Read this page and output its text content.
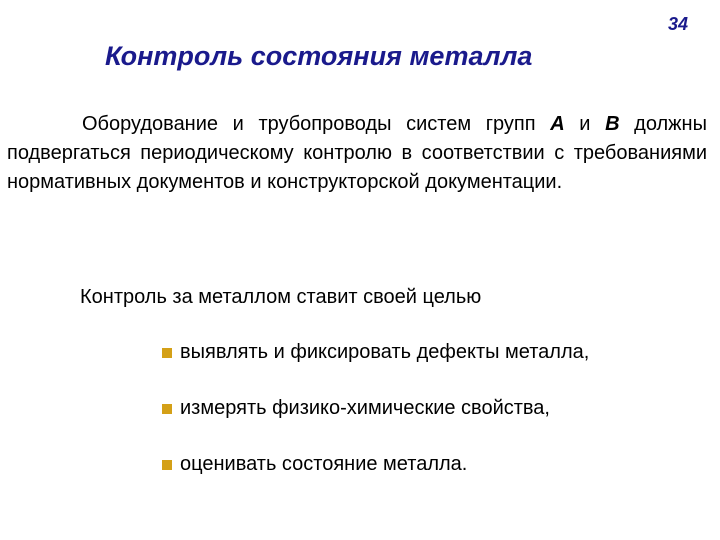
34
Контроль состояния металла

Оборудование и трубопроводы систем групп А и В должны подвергаться периодическому контролю в соответствии с требованиями нормативных документов и конструкторской документации.

Контроль за металлом ставит своей целью

выявлять и фиксировать дефекты металла,
измерять физико-химические свойства,
оценивать состояние металла.
